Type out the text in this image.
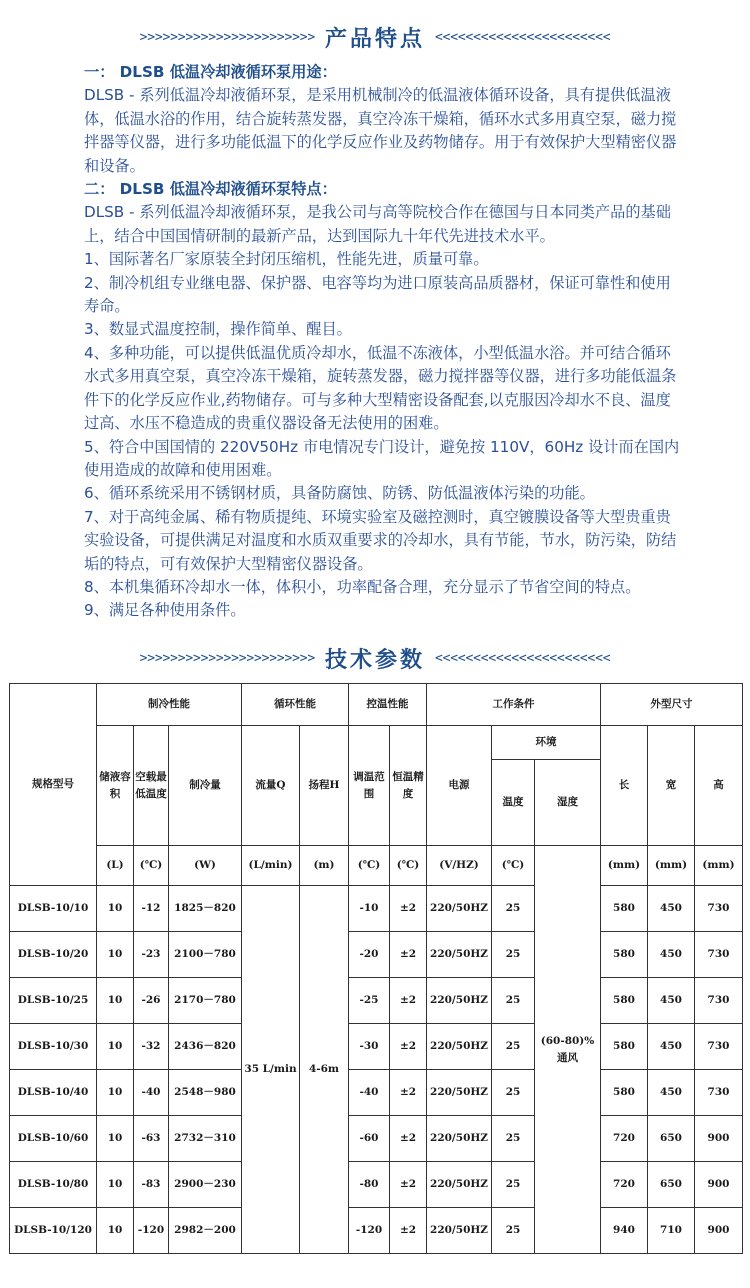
>>>>>>>>>>>>>>>>>>>>>>> 产品特点 <<<<<<<<<<<<<<<<<<<<<<<

一： DLSB 低温冷却液循环泵用途：

DLSB - 系列低温冷却液循环泵，是采用机械制冷的低温液体循环设备，具有提供低温液体，低温水浴的作用，结合旋转蒸发器，真空冷冻干燥箱，循环水式多用真空泵，磁力搅拌器等仪器，进行多功能低温下的化学反应作业及药物储存。用于有效保护大型精密仪器和设备。

二： DLSB 低温冷却液循环泵特点：

DLSB - 系列低温冷却液循环泵，是我公司与高等院校合作在德国与日本同类产品的基础上，结合中国国情研制的最新产品，达到国际九十年代先进技术水平。

1、国际著名厂家原装全封闭压缩机，性能先进，质量可靠。

2、制冷机组专业继电器、保护器、电容等均为进口原装高品质器材，保证可靠性和使用寿命。

3、数显式温度控制，操作简单、醒目。

4、多种功能，可以提供低温优质冷却水，低温不冻液体，小型低温水浴。并可结合循环水式多用真空泵，真空冷冻干燥箱，旋转蒸发器，磁力搅拌器等仪器，进行多功能低温条件下的化学反应作业,药物储存。可与多种大型精密设备配套,以克服因冷却水不良、温度过高、水压不稳造成的贵重仪器设备无法使用的困难。

5、符合中国国情的 220V50Hz 市电情况专门设计，避免按 110V，60Hz 设计而在国内使用造成的故障和使用困难。

6、循环系统采用不锈钢材质，具备防腐蚀、防锈、防低温液体污染的功能。

7、对于高纯金属、稀有物质提纯、环境实验室及磁控测时，真空镀膜设备等大型贵重贵实验设备，可提供满足对温度和水质双重要求的冷却水，具有节能，节水，防污染，防结垢的特点，可有效保护大型精密仪器设备。

8、本机集循环冷却水一体，体积小，功率配备合理，充分显示了节省空间的特点。

9、满足各种使用条件。

>>>>>>>>>>>>>>>>>>>>>>> 技术参数 <<<<<<<<<<<<<<<<<<<<<<<
规格型号	制冷性能			循环性能		控温性能		工作条件			外型尺寸		
	储液容积	空载最低温度	制冷量	流量Q	扬程H	调温范围	恒温精度	电源	环境		长	宽	高
									温度	湿度			
	(L)	(℃)	(W)	(L/min)	(m)	(℃)	(℃)	(V/HZ)	(℃)	(60-80)% 通风	(mm)	(mm)	(mm)
DLSB-10/10	10	-12	1825－820	35 L/min	4-6m	-10	±2	220/50HZ	25		580	450	730
DLSB-10/20	10	-23	2100－780			-20	±2	220/50HZ	25		580	450	730
DLSB-10/25	10	-26	2170－780			-25	±2	220/50HZ	25		580	450	730
DLSB-10/30	10	-32	2436－820			-30	±2	220/50HZ	25		580	450	730
DLSB-10/40	10	-40	2548－980			-40	±2	220/50HZ	25		580	450	730
DLSB-10/60	10	-63	2732－310			-60	±2	220/50HZ	25		720	650	900
DLSB-10/80	10	-83	2900－230			-80	±2	220/50HZ	25		720	650	900
DLSB-10/120	10	-120	2982－200			-120	±2	220/50HZ	25		940	710	900
